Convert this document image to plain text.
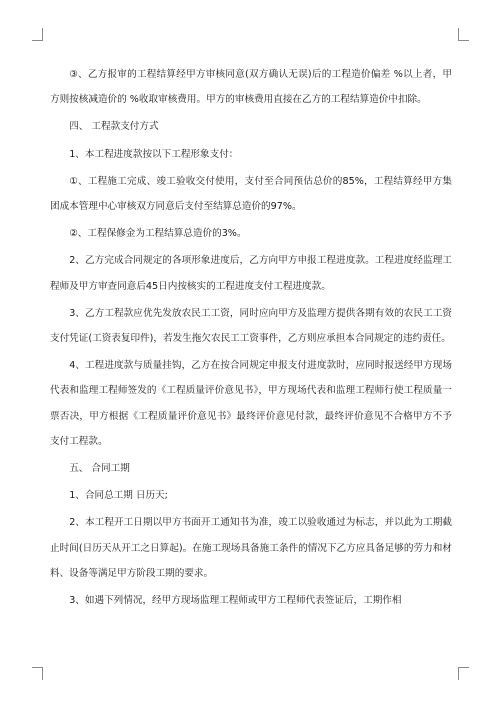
③、乙方报审的工程结算经甲方审核同意(双方确认无误)后的工程造价偏差 %以上者，甲方则按核减造价的 %收取审核费用。甲方的审核费用直接在乙方的工程结算造价中扣除。

四、 工程款支付方式

1、本工程进度款按以下工程形象支付：

①、工程施工完成、竣工验收交付使用，支付至合同预估总价的85%，工程结算经甲方集团成本管理中心审核双方同意后支付至结算总造价的97%。

②、工程保修金为工程结算总造价的3%。

2、乙方完成合同规定的各项形象进度后，乙方向甲方申报工程进度款。工程进度经监理工程师及甲方审查同意后45日内按核实的工程进度支付工程进度款。

3、乙方工程款应优先发放农民工工资，同时应向甲方及监理方提供各期有效的农民工工资支付凭证(工资表复印件)，若发生拖欠农民工工资事件，乙方则应承担本合同规定的违约责任。

4、工程进度款与质量挂钩，乙方在按合同规定申报支付进度款时，应同时报送经甲方现场代表和监理工程师签发的《工程质量评价意见书》，甲方现场代表和监理工程师行使工程质量一票否决，甲方根据《工程质量评价意见书》最终评价意见付款，最终评价意见不合格甲方不予支付工程款。

五、 合同工期

1、合同总工期 日历天;

2、本工程开工日期以甲方书面开工通知书为准，竣工以验收通过为标志，并以此为工期截止时间(日历天从开工之日算起)。在施工现场具备施工条件的情况下乙方应具备足够的劳力和材料、设备等满足甲方阶段工期的要求。

3、如遇下列情况，经甲方现场监理工程师或甲方工程师代表签证后，工期作相
